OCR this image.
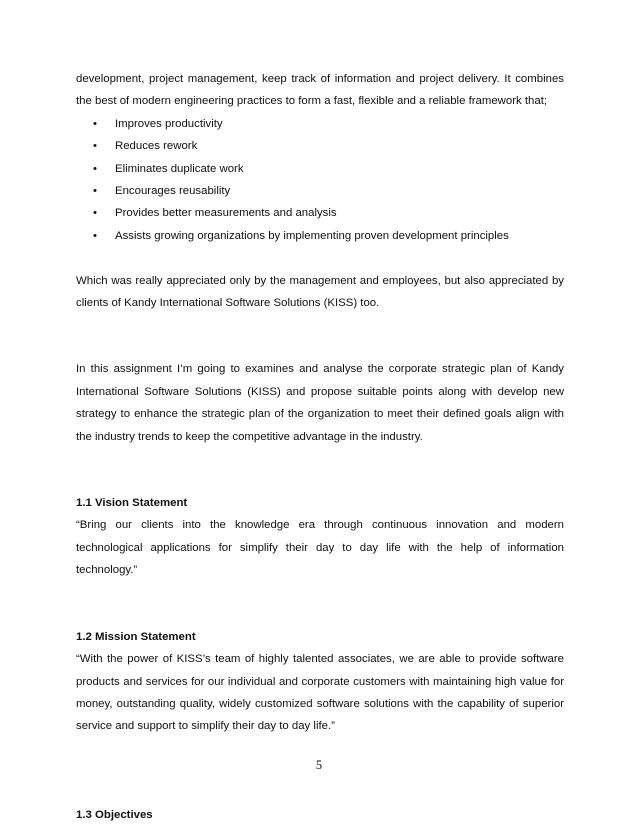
development, project management, keep track of information and project delivery. It combines the best of modern engineering practices to form a fast, flexible and a reliable framework that;

• Improves productivity
• Reduces rework
• Eliminates duplicate work
• Encourages reusability
• Provides better measurements and analysis
• Assists growing organizations by implementing proven development principles

Which was really appreciated only by the management and employees, but also appreciated by clients of Kandy International Software Solutions (KISS) too.

In this assignment I’m going to examines and analyse the corporate strategic plan of Kandy International Software Solutions (KISS) and propose suitable points along with develop new strategy to enhance the strategic plan of the organization to meet their defined goals align with the industry trends to keep the competitive advantage in the industry.

1.1 Vision Statement

“Bring our clients into the knowledge era through continuous innovation and modern technological applications for simplify their day to day life with the help of information technology.”

1.2 Mission Statement

“With the power of KISS’s team of highly talented associates, we are able to provide software products and services for our individual and corporate customers with maintaining high value for money, outstanding quality, widely customized software solutions with the capability of superior service and support to simplify their day to day life.”

1.3 Objectives
5
